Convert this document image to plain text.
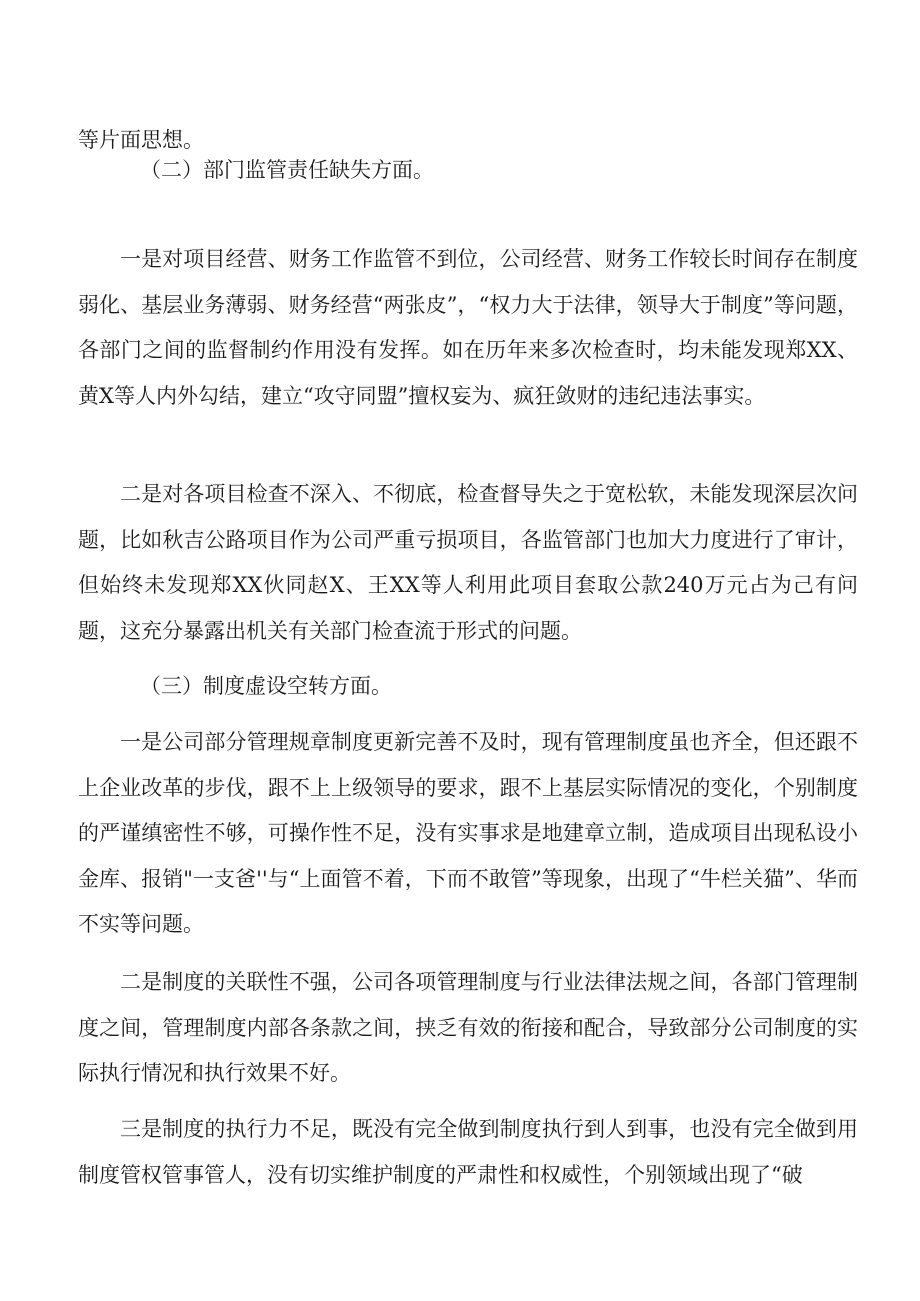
等片面思想。

（二）部门监管责任缺失方面。

一是对项目经营、财务工作监管不到位，公司经营、财务工作较长时间存在制度弱化、基层业务薄弱、财务经营“两张皮”，“权力大于法律，领导大于制度”等问题，各部门之间的监督制约作用没有发挥。如在历年来多次检查时，均未能发现郑XX、黄X等人内外勾结，建立“攻守同盟”擅权妄为、疯狂敛财的违纪违法事实。

二是对各项目检查不深入、不彻底，检查督导失之于宽松软，未能发现深层次问题，比如秋吉公路项目作为公司严重亏损项目，各监管部门也加大力度进行了审计，但始终未发现郑XX伙同赵X、王XX等人利用此项目套取公款240万元占为己有问题，这充分暴露出机关有关部门检查流于形式的问题。

（三）制度虚设空转方面。

一是公司部分管理规章制度更新完善不及时，现有管理制度虽也齐全，但还跟不上企业改革的步伐，跟不上上级领导的要求，跟不上基层实际情况的变化，个别制度的严谨缜密性不够，可操作性不足，没有实事求是地建章立制，造成项目出现私设小金库、报销"一支爸''与“上面管不着，下而不敢管”等现象，出现了“牛栏关猫”、华而不实等问题。

二是制度的关联性不强，公司各项管理制度与行业法律法规之间，各部门管理制度之间，管理制度内部各条款之间，挟乏有效的衔接和配合，导致部分公司制度的实际执行情况和执行效果不好。

三是制度的执行力不足，既没有完全做到制度执行到人到事，也没有完全做到用制度管权管事管人，没有切实维护制度的严肃性和权威性，个别领域出现了“破
